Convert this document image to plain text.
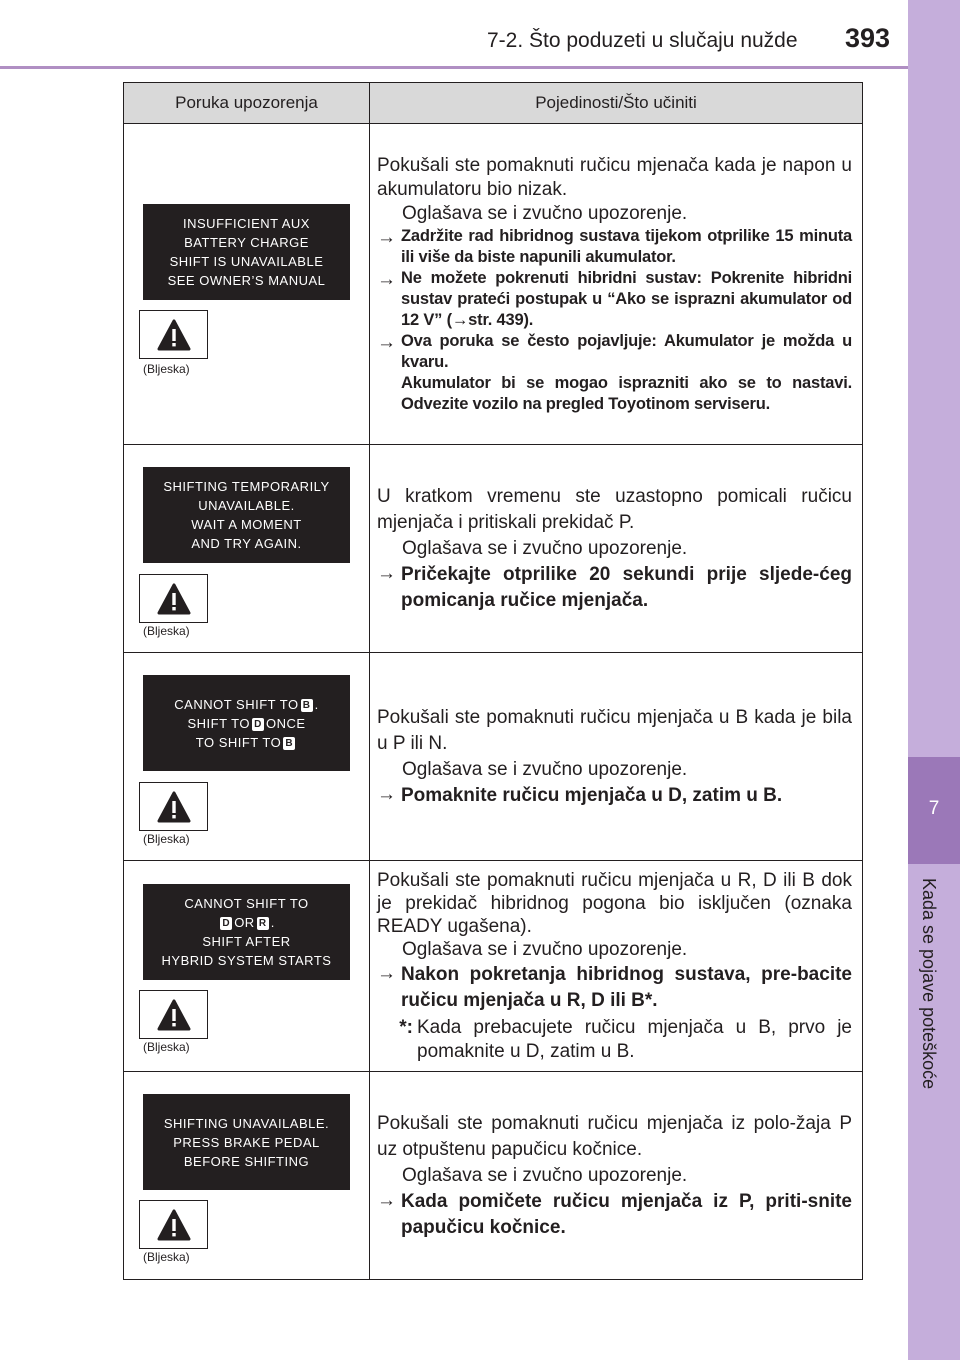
7-2. Što poduzeti u slučaju nužde 393
7
Kada se pojave poteškoće
Poruka upozorenja	Pojedinosti/Što učiniti
INSUFFICIENT AUX
BATTERY CHARGE
SHIFT IS UNAVAILABLE
SEE OWNER’S MANUAL
(Bljeska)

Pokušali ste pomaknuti ručicu mjenača kada je napon u akumulatoru bio nizak.

Oglašava se i zvučno upozorenje.

→ Zadržite rad hibridnog sustava tijekom otprilike 15 minuta ili više da biste napunili akumulator.
→ Ne možete pokrenuti hibridni sustav: Pokrenite hibridni sustav prateći postupak u “Ako se isprazni akumulator od 12 V” (→str. 439).
→ Ova poruka se često pojavljuje: Akumulator je možda u kvaru.
Akumulator bi se mogao isprazniti ako se to nastavi. Odvezite vozilo na pregled Toyotinom serviseru.
SHIFTING TEMPORARILY
UNAVAILABLE.
WAIT A MOMENT
AND TRY AGAIN.
(Bljeska)

U kratkom vremenu ste uzastopno pomicali ručicu mjenjača i pritiskali prekidač P.

Oglašava se i zvučno upozorenje.

→ Pričekajte otprilike 20 sekundi prije sljede-ćeg pomicanja ručice mjenjača.
CANNOT SHIFT TO B .
SHIFT TO D ONCE
TO SHIFT TO B
(Bljeska)

Pokušali ste pomaknuti ručicu mjenjača u B kada je bila u P ili N.

Oglašava se i zvučno upozorenje.

→ Pomaknite ručicu mjenjača u D, zatim u B.
CANNOT SHIFT TO
D OR R .
SHIFT AFTER
HYBRID SYSTEM STARTS
(Bljeska)

Pokušali ste pomaknuti ručicu mjenjača u R, D ili B dok je prekidač hibridnog pogona bio isključen (oznaka READY ugašena).

Oglašava se i zvučno upozorenje.

→ Nakon pokretanja hibridnog sustava, pre-bacite ručicu mjenjača u R, D ili B*.
*: Kada prebacujete ručicu mjenjača u B, prvo je pomaknite u D, zatim u B.
SHIFTING UNAVAILABLE.
PRESS BRAKE PEDAL
BEFORE SHIFTING
(Bljeska)

Pokušali ste pomaknuti ručicu mjenjača iz polo-žaja P uz otpuštenu papučicu kočnice.

Oglašava se i zvučno upozorenje.

→ Kada pomičete ručicu mjenjača iz P, priti-snite papučicu kočnice.
